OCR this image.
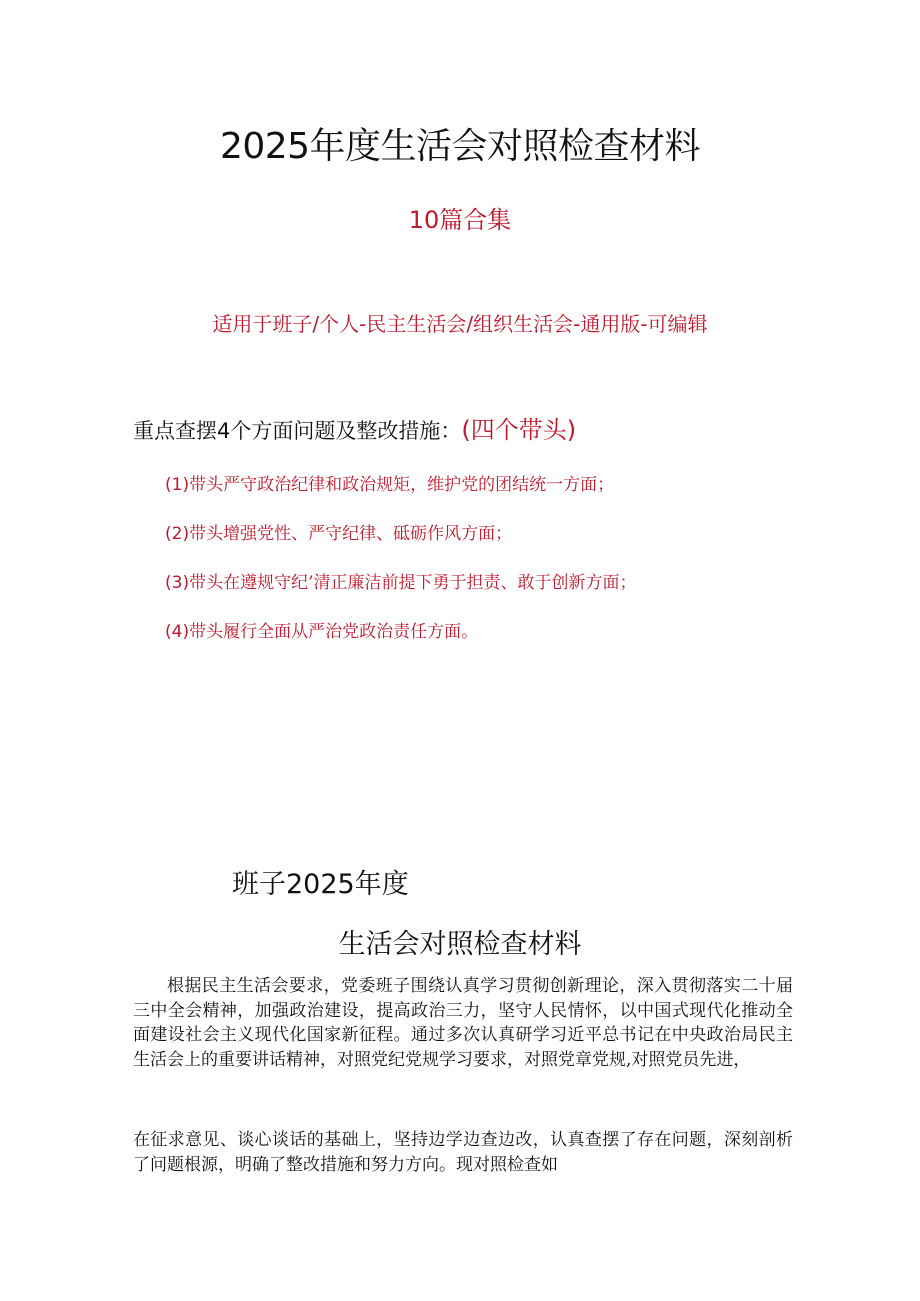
2025年度生活会对照检查材料
10篇合集
适用于班子/个人-民主生活会/组织生活会-通用版-可编辑
重点查摆4个方面问题及整改措施：(四个带头)
(1)带头严守政治纪律和政治规矩，维护党的团结统一方面；
(2)带头增强党性、严守纪律、砥砺作风方面；
(3)带头在遵规守纪’清正廉洁前提下勇于担责、敢于创新方面；
(4)带头履行全面从严治党政治责任方面。
班子2025年度
生活会对照检查材料

根据民主生活会要求，党委班子围绕认真学习贯彻创新理论，深入贯彻落实二十届三中全会精神，加强政治建设，提高政治三力，坚守人民情怀，以中国式现代化推动全面建设社会主义现代化国家新征程。通过多次认真研学习近平总书记在中央政治局民主生活会上的重要讲话精神，对照党纪党规学习要求，对照党章党规,对照党员先进，

在征求意见、谈心谈话的基础上，坚持边学边查边改，认真查摆了存在问题，深刻剖析了问题根源，明确了整改措施和努力方向。现对照检查如
